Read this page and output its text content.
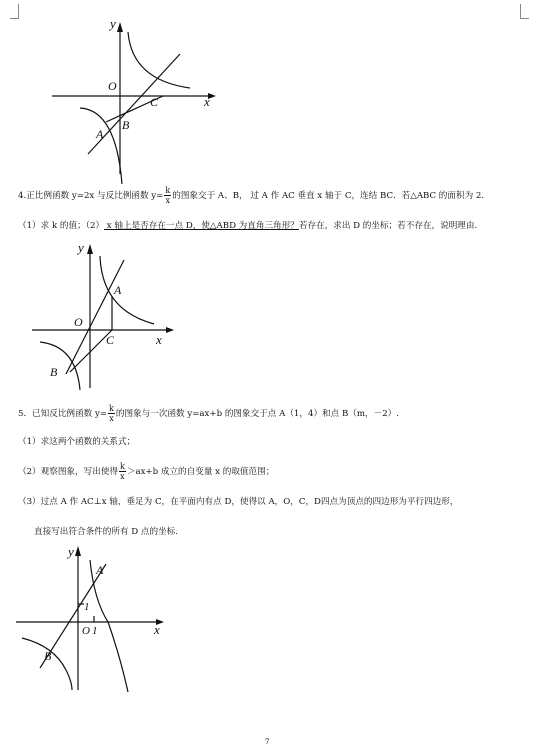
y
O
C	x
A
B
4.正比例函数 y=2x 与反比例函数 $y= \frac{k}{x}$ 的图象交于 A、B， 过 A 作 AC 垂直 x 轴于 C，连结 BC．若△ABC 的面积为 2．
（1）求 k 的值；（2） x 轴上是否存在一点 D，使△ABD 为直角三角形？若存在，求出 D 的坐标；若不存在，说明理由.
y
A
O
C	x
B
5．已知反比例函数 $y= \frac{k}{x}$ 的图象与一次函数 y=ax+b 的图象交于点 A（1，4）和点 B（m，－2）.
（1）求这两个函数的关系式；
（2）观察图象，写出使得 $\frac{k}{x} >ax+b$ 成立的自变量 x 的取值范围；
（3）过点 A 作 AC⊥x 轴，垂足为 C，在平面内有点 D，使得以 A，O，C，D四点为顶点的四边形为平行四边形，
直接写出符合条件的所有 D 点的坐标.
y
A
1
O 1	x
B
7
